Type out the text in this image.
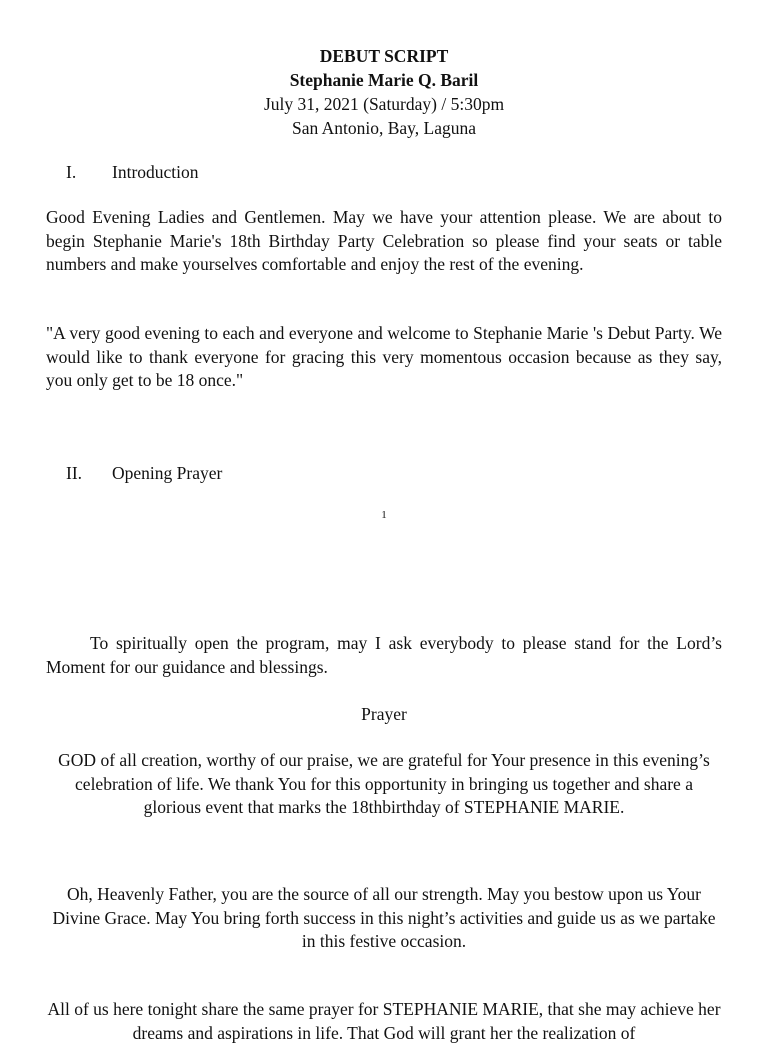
DEBUT SCRIPT
Stephanie Marie Q. Baril
July 31, 2021 (Saturday) / 5:30pm
San Antonio, Bay, Laguna
I. Introduction
Good Evening Ladies and Gentlemen. May we have your attention please. We are about to begin Stephanie Marie's 18th Birthday Party Celebration so please find your seats or table numbers and make yourselves comfortable and enjoy the rest of the evening.
"A very good evening to each and everyone and welcome to Stephanie Marie 's Debut Party. We would like to thank everyone for gracing this very momentous occasion because as they say, you only get to be 18 once."
II. Opening Prayer
1
To spiritually open the program, may I ask everybody to please stand for the Lord’s Moment for our guidance and blessings.
Prayer
GOD of all creation, worthy of our praise, we are grateful for Your presence in this evening’s celebration of life. We thank You for this opportunity in bringing us together and share a glorious event that marks the 18thbirthday of STEPHANIE MARIE.
Oh, Heavenly Father, you are the source of all our strength. May you bestow upon us Your Divine Grace. May You bring forth success in this night’s activities and guide us as we partake in this festive occasion.
All of us here tonight share the same prayer for STEPHANIE MARIE, that she may achieve her dreams and aspirations in life. That God will grant her the realization of
